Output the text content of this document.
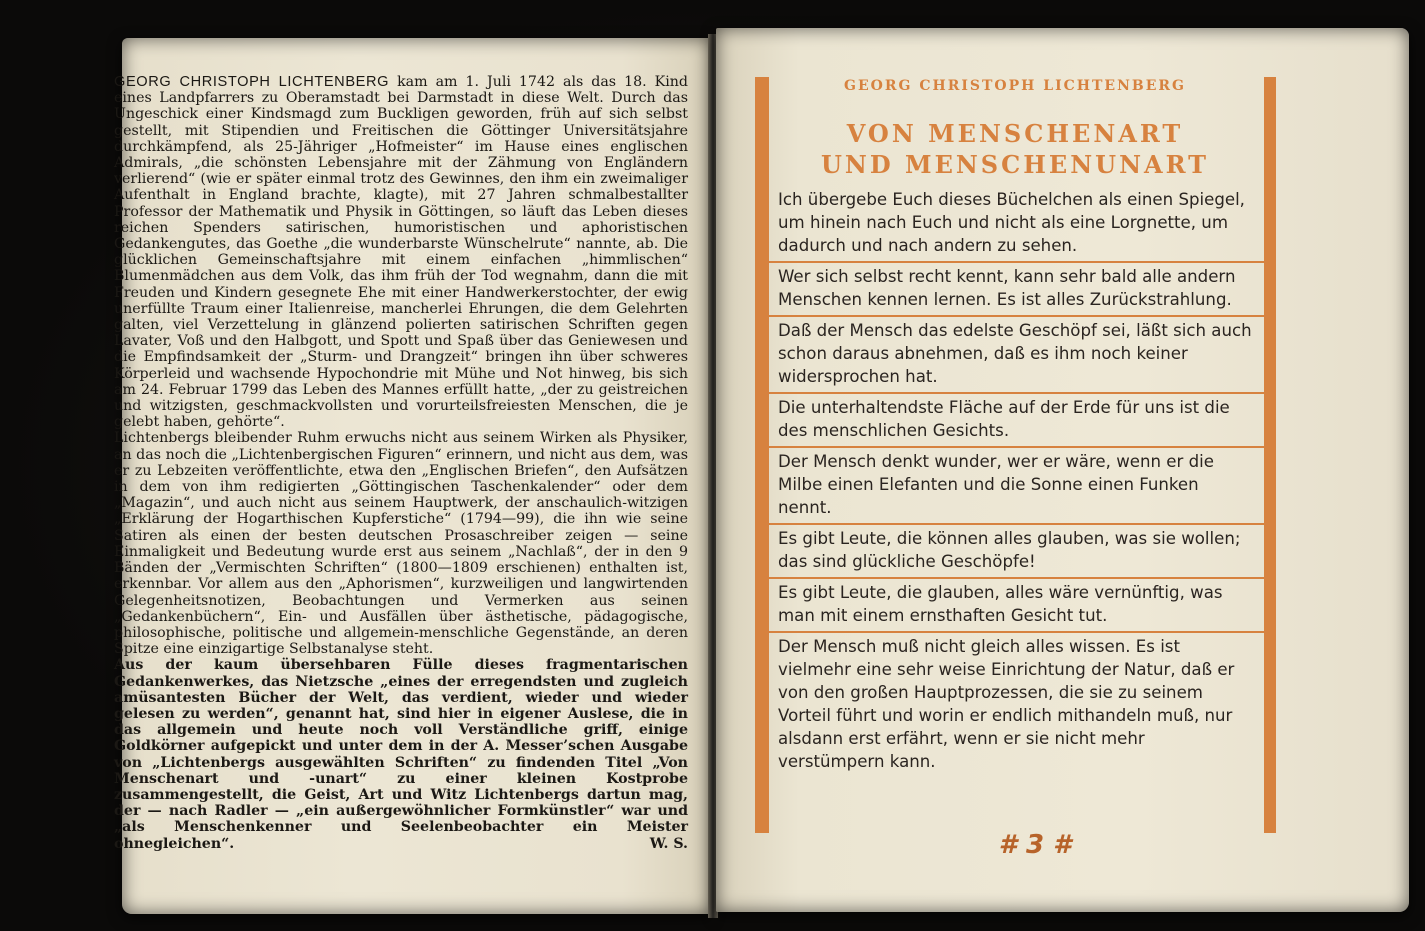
GEORG CHRISTOPH LICHTENBERG kam am 1. Juli 1742 als das 18. Kind eines Landpfarrers zu Oberamstadt bei Darmstadt in diese Welt. Durch das Ungeschick einer Kindsmagd zum Buckligen geworden, früh auf sich selbst gestellt, mit Stipendien und Freitischen die Göttinger Universitätsjahre durchkämpfend, als 25-Jähriger „Hofmeister“ im Hause eines englischen Admirals, „die schönsten Lebensjahre mit der Zähmung von Engländern verlierend“ (wie er später einmal trotz des Gewinnes, den ihm ein zweimaliger Aufenthalt in England brachte, klagte), mit 27 Jahren schmalbestallter Professor der Mathematik und Physik in Göttingen, so läuft das Leben dieses reichen Spenders satirischen, humoristischen und aphoristischen Gedankengutes, das Goethe „die wunderbarste Wünschelrute“ nannte, ab. Die glücklichen Gemeinschaftsjahre mit einem einfachen „himmlischen“ Blumenmädchen aus dem Volk, das ihm früh der Tod wegnahm, dann die mit Freuden und Kindern gesegnete Ehe mit einer Handwerkerstochter, der ewig unerfüllte Traum einer Italienreise, mancherlei Ehrungen, die dem Gelehrten galten, viel Verzettelung in glänzend polierten satirischen Schriften gegen Lavater, Voß und den Halbgott, und Spott und Spaß über das Geniewesen und die Empfindsamkeit der „Sturm- und Drangzeit“ bringen ihn über schweres Körperleid und wachsende Hypochondrie mit Mühe und Not hinweg, bis sich am 24. Februar 1799 das Leben des Mannes erfüllt hatte, „der zu geistreichen und witzigsten, geschmackvollsten und vorurteilsfreiesten Menschen, die je gelebt haben, gehörte“.

Lichtenbergs bleibender Ruhm erwuchs nicht aus seinem Wirken als Physiker, an das noch die „Lichtenbergischen Figuren“ erinnern, und nicht aus dem, was er zu Lebzeiten veröffentlichte, etwa den „Englischen Briefen“, den Aufsätzen in dem von ihm redigierten „Göttingischen Taschenkalender“ oder dem „Magazin“, und auch nicht aus seinem Hauptwerk, der anschaulich-witzigen „Erklärung der Hogarthischen Kupferstiche“ (1794—99), die ihn wie seine Satiren als einen der besten deutschen Prosaschreiber zeigen — seine Einmaligkeit und Bedeutung wurde erst aus seinem „Nachlaß“, der in den 9 Bänden der „Vermischten Schriften“ (1800—1809 erschienen) enthalten ist, erkennbar. Vor allem aus den „Aphorismen“, kurzweiligen und langwirtenden Gelegenheitsnotizen, Beobachtungen und Vermerken aus seinen „Gedankenbüchern“, Ein- und Ausfällen über ästhetische, pädagogische, philosophische, politische und allgemein-menschliche Gegenstände, an deren Spitze eine einzigartige Selbstanalyse steht.

Aus der kaum übersehbaren Fülle dieses fragmentarischen Gedankenwerkes, das Nietzsche „eines der erregendsten und zugleich amüsantesten Bücher der Welt, das verdient, wieder und wieder gelesen zu werden“, genannt hat, sind hier in eigener Auslese, die in das allgemein und heute noch voll Verständliche griff, einige Goldkörner aufgepickt und unter dem in der A. Messer’schen Ausgabe von „Lichtenbergs ausgewählten Schriften“ zu findenden Titel „Von Menschenart und -unart“ zu einer kleinen Kostprobe zusammengestellt, die Geist, Art und Witz Lichtenbergs dartun mag, der — nach Radler — „ein außergewöhnlicher Formkünstler“ war und „als Menschenkenner und Seelenbeobachter ein Meister ohnegleichen“.	W. S.

GEORG CHRISTOPH LICHTENBERG
VON MENSCHENART
UND MENSCHENUNART
Ich übergebe Euch dieses Büchelchen als einen Spiegel, um hinein nach Euch und nicht als eine Lorgnette, um dadurch und nach andern zu sehen.
Wer sich selbst recht kennt, kann sehr bald alle andern Menschen kennen lernen. Es ist alles Zurückstrahlung.
Daß der Mensch das edelste Geschöpf sei, läßt sich auch schon daraus abnehmen, daß es ihm noch keiner widersprochen hat.
Die unterhaltendste Fläche auf der Erde für uns ist die des menschlichen Gesichts.
Der Mensch denkt wunder, wer er wäre, wenn er die Milbe einen Elefanten und die Sonne einen Funken nennt.
Es gibt Leute, die können alles glauben, was sie wollen; das sind glückliche Geschöpfe!
Es gibt Leute, die glauben, alles wäre vernünftig, was man mit einem ernsthaften Gesicht tut.
Der Mensch muß nicht gleich alles wissen. Es ist vielmehr eine sehr weise Einrichtung der Natur, daß er von den großen Hauptprozessen, die sie zu seinem Vorteil führt und worin er endlich mithandeln muß, nur alsdann erst erfährt, wenn er sie nicht mehr verstümpern kann.
# 3 #
